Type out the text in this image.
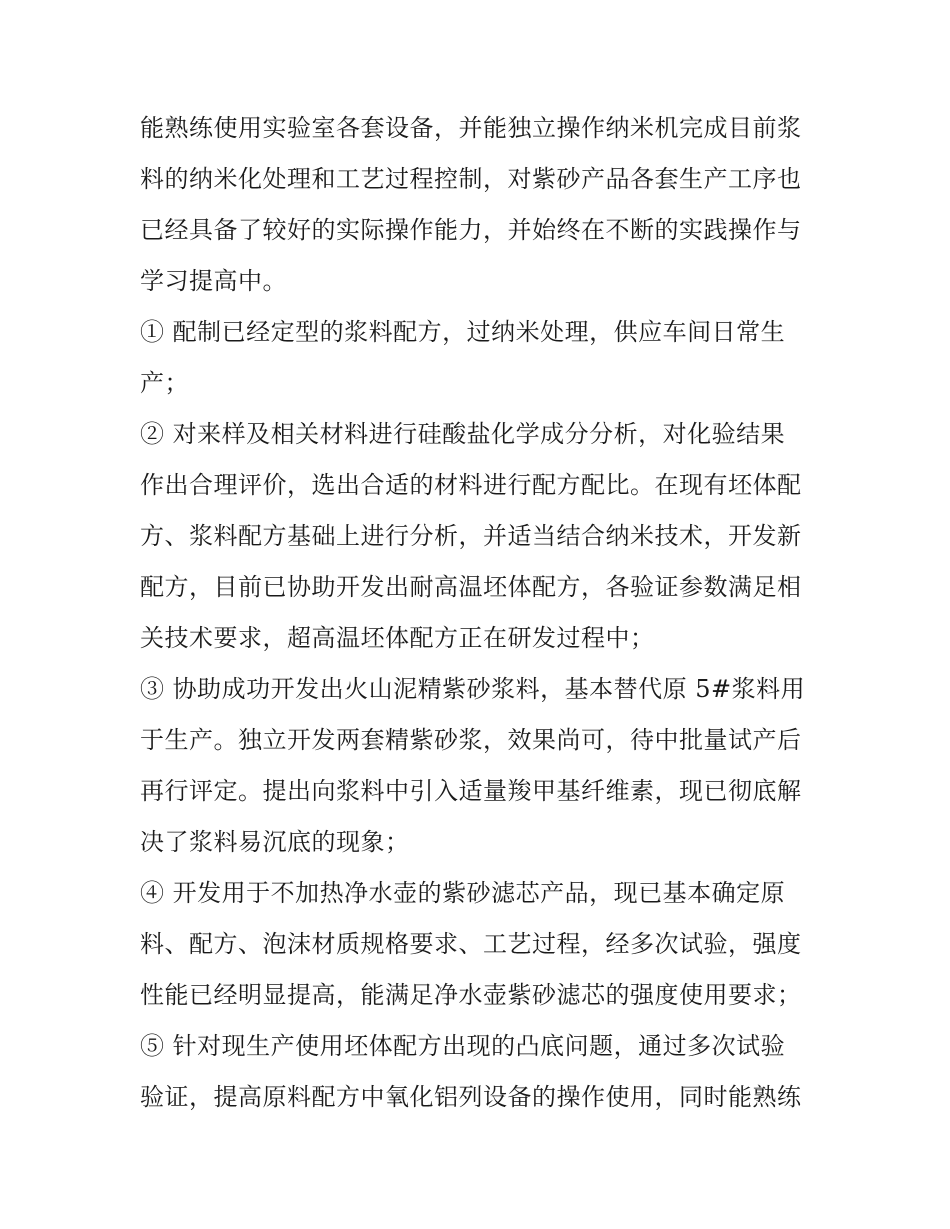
能熟练使用实验室各套设备，并能独立操作纳米机完成目前浆
料的纳米化处理和工艺过程控制，对紫砂产品各套生产工序也
已经具备了较好的实际操作能力，并始终在不断的实践操作与
学习提高中。
① 配制已经定型的浆料配方，过纳米处理，供应车间日常生
产；
② 对来样及相关材料进行硅酸盐化学成分分析，对化验结果
作出合理评价，选出合适的材料进行配方配比。在现有坯体配
方、浆料配方基础上进行分析，并适当结合纳米技术，开发新
配方，目前已协助开发出耐高温坯体配方，各验证参数满足相
关技术要求，超高温坯体配方正在研发过程中；
③ 协助成功开发出火山泥精紫砂浆料，基本替代原 5#浆料用
于生产。独立开发两套精紫砂浆，效果尚可，待中批量试产后
再行评定。提出向浆料中引入适量羧甲基纤维素，现已彻底解
决了浆料易沉底的现象；
④ 开发用于不加热净水壶的紫砂滤芯产品，现已基本确定原
料、配方、泡沫材质规格要求、工艺过程，经多次试验，强度
性能已经明显提高，能满足净水壶紫砂滤芯的强度使用要求；
⑤ 针对现生产使用坯体配方出现的凸底问题，通过多次试验
验证，提高原料配方中氧化铝列设备的操作使用，同时能熟练
